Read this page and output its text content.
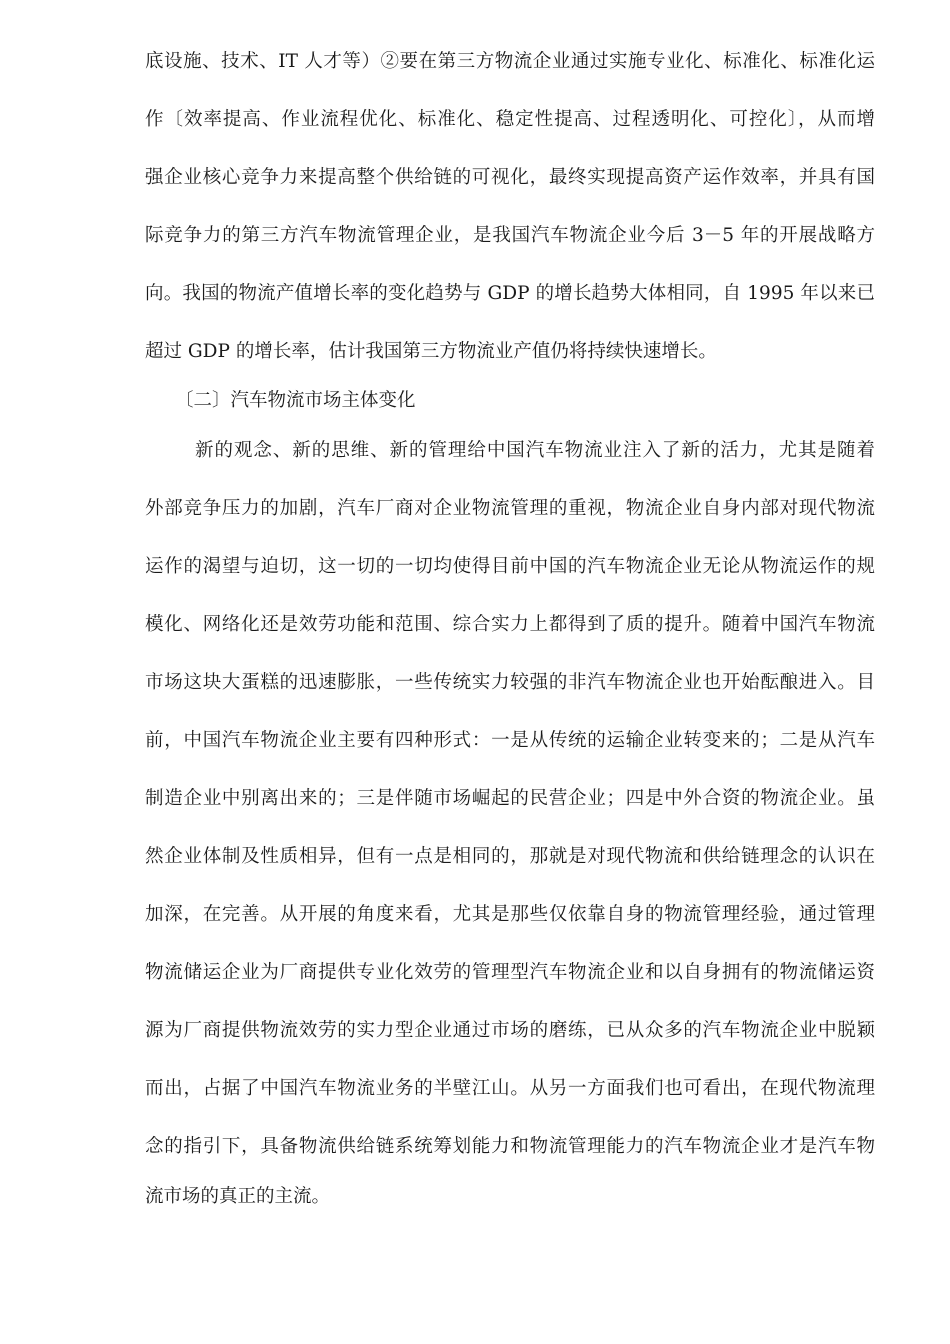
底设施、技术、IT 人才等）②要在第三方物流企业通过实施专业化、标准化、标准化运
作〔效率提高、作业流程优化、标准化、稳定性提高、过程透明化、可控化〕，从而增
强企业核心竞争力来提高整个供给链的可视化，最终实现提高资产运作效率，并具有国
际竞争力的第三方汽车物流管理企业，是我国汽车物流企业今后 3－5 年的开展战略方
向。我国的物流产值增长率的变化趋势与 GDP 的增长趋势大体相同，自 1995 年以来已
超过 GDP 的增长率，估计我国第三方物流业产值仍将持续快速增长。
〔二〕汽车物流市场主体变化
新的观念、新的思维、新的管理给中国汽车物流业注入了新的活力，尤其是随着
外部竞争压力的加剧，汽车厂商对企业物流管理的重视，物流企业自身内部对现代物流
运作的渴望与迫切，这一切的一切均使得目前中国的汽车物流企业无论从物流运作的规
模化、网络化还是效劳功能和范围、综合实力上都得到了质的提升。随着中国汽车物流
市场这块大蛋糕的迅速膨胀，一些传统实力较强的非汽车物流企业也开始酝酿进入。目
前，中国汽车物流企业主要有四种形式：一是从传统的运输企业转变来的；二是从汽车
制造企业中别离出来的；三是伴随市场崛起的民营企业；四是中外合资的物流企业。虽
然企业体制及性质相异，但有一点是相同的，那就是对现代物流和供给链理念的认识在
加深，在完善。从开展的角度来看，尤其是那些仅依靠自身的物流管理经验，通过管理
物流储运企业为厂商提供专业化效劳的管理型汽车物流企业和以自身拥有的物流储运资
源为厂商提供物流效劳的实力型企业通过市场的磨练，已从众多的汽车物流企业中脱颖
而出，占据了中国汽车物流业务的半壁江山。从另一方面我们也可看出，在现代物流理
念的指引下，具备物流供给链系统筹划能力和物流管理能力的汽车物流企业才是汽车物
流市场的真正的主流。
